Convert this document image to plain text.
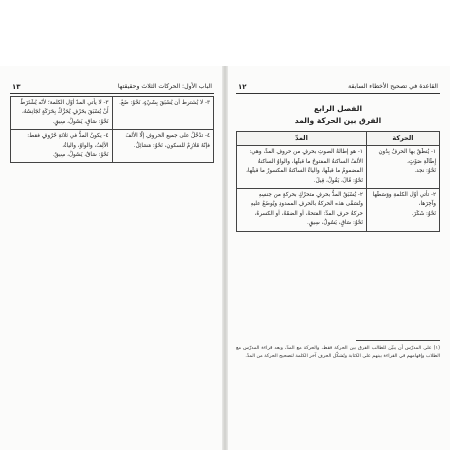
الباب الأول: الحركات الثلاث وحقيقتها
١٣
٣- لا يُشترط أن يُسْبَقَ بِشَيْءٍ، نَحْوُ: ضَعْ.	٣- لا يأتي المدّ أوّل الكلمة؛ لأنّه يُشْتَرَطُ أَنْ يُسْبَقَ بحَرْفٍ يُحَرَّكُ بِحَرَكَةٍ تُجَانِسُهُ،
نَحْوُ: سَاقٍ، يَسُولُ، سِيقٍ.

٤- تدْخُلُ على جميع الحروفِ إلّا الألفَ فإنّهُ مُلازِمٌ للسكونِ، نَحْوُ: مَسَائِلُ.	٤- يكونُ المدُّ في ثلاثةِ حُرُوفٍ فقط: الألِفُ، والواوُ، والياءُ،
نَحْوُ: سَاقٌ، يَسُولُ، سِيقٌ.
القاعدة في تصحيح الأخطاء السابقة
١٢
الفصل الرابع
الفرق بين الحركة والمد
الحركة	المدّ

١- يُنطَقُ بها الحرفُ بِدُونِ إِطَالَةِ صَوْتٍ،
نَحْوُ: نجد.	١- هو إطالةُ الصوتِ بحرفٍ من حروفِ المدِّ، وهي: الألفُ الساكنةُ المفتوحُ ما قبلَها، والواوُ الساكنةُ المضمومُ ما قبلَها، والياءُ الساكنةُ المكسورُ ما قبلَها،
نَحْوُ: قَالَ، يَقُولُ، قِيلَ.

٢- تأتي أوّل الكلمةِ ووَسَطَها وآخِرَها،
نَحْوُ: شَكَرَ.	٢- يُسْبَقُ المدُّ بحرفٍ متحرّكٍ بحركةٍ من جنسِهِ وتُسَمَّى هذه الحركةُ بالحرفِ الممدودِ ويُوضَعُ عليهِ حركةُ حرفِ المدِّ: الفتحةُ، أو الضمّةُ، أو الكسرةُ،
نَحْوُ: سَاقٍ، يَسُولُ، سِيقٍ.
(١) على المدرّس أن يبيّن للطالب الفرق بين الحركة فقط، والحركة مع المدّ، وبعد قراءة المدرّس مع الطلاب وإفهامهم في القراءة بينهم على الكتابة ويُشكّل الحرف آخر الكلمة لتصحيح الحركة من المدّ.
